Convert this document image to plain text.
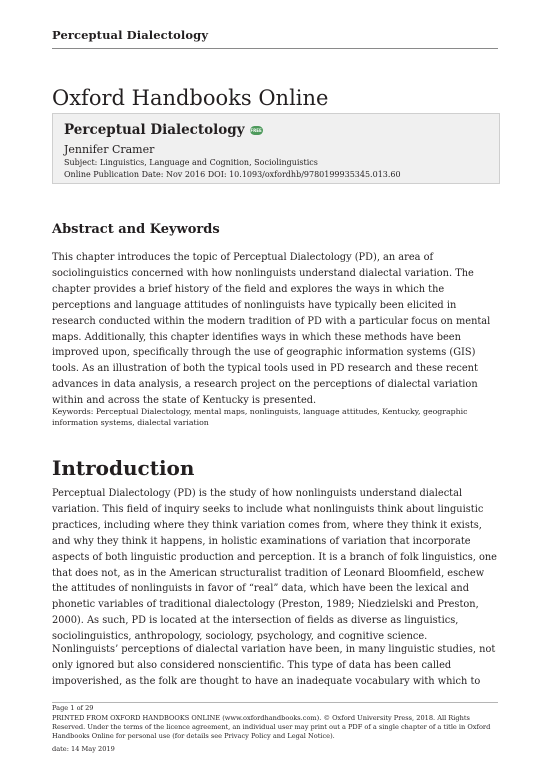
Perceptual Dialectology
Oxford Handbooks Online
Perceptual Dialectology FREE
Jennifer Cramer
Subject: Linguistics, Language and Cognition, Sociolinguistics
Online Publication Date: Nov 2016 DOI: 10.1093/oxfordhb/9780199935345.013.60
Abstract and Keywords

This chapter introduces the topic of Perceptual Dialectology (PD), an area of sociolinguistics concerned with how nonlinguists understand dialectal variation. The chapter provides a brief history of the field and explores the ways in which the perceptions and language attitudes of nonlinguists have typically been elicited in research conducted within the modern tradition of PD with a particular focus on mental maps. Additionally, this chapter identifies ways in which these methods have been improved upon, specifically through the use of geographic information systems (GIS) tools. As an illustration of both the typical tools used in PD research and these recent advances in data analysis, a research project on the perceptions of dialectal variation within and across the state of Kentucky is presented.

Keywords: Perceptual Dialectology, mental maps, nonlinguists, language attitudes, Kentucky, geographic information systems, dialectal variation

Introduction

Perceptual Dialectology (PD) is the study of how nonlinguists understand dialectal variation. This field of inquiry seeks to include what nonlinguists think about linguistic practices, including where they think variation comes from, where they think it exists, and why they think it happens, in holistic examinations of variation that incorporate aspects of both linguistic production and perception. It is a branch of folk linguistics, one that does not, as in the American structuralist tradition of Leonard Bloomfield, eschew the attitudes of nonlinguists in favor of “real” data, which have been the lexical and phonetic variables of traditional dialectology (Preston, 1989; Niedzielski and Preston, 2000). As such, PD is located at the intersection of fields as diverse as linguistics, sociolinguistics, anthropology, sociology, psychology, and cognitive science.

Nonlinguists’ perceptions of dialectal variation have been, in many linguistic studies, not only ignored but also considered nonscientific. This type of data has been called impoverished, as the folk are thought to have an inadequate vocabulary with which to

Page 1 of 29
PRINTED FROM OXFORD HANDBOOKS ONLINE (www.oxfordhandbooks.com). © Oxford University Press, 2018. All Rights Reserved. Under the terms of the licence agreement, an individual user may print out a PDF of a single chapter of a title in Oxford Handbooks Online for personal use (for details see Privacy Policy and Legal Notice).
date: 14 May 2019
